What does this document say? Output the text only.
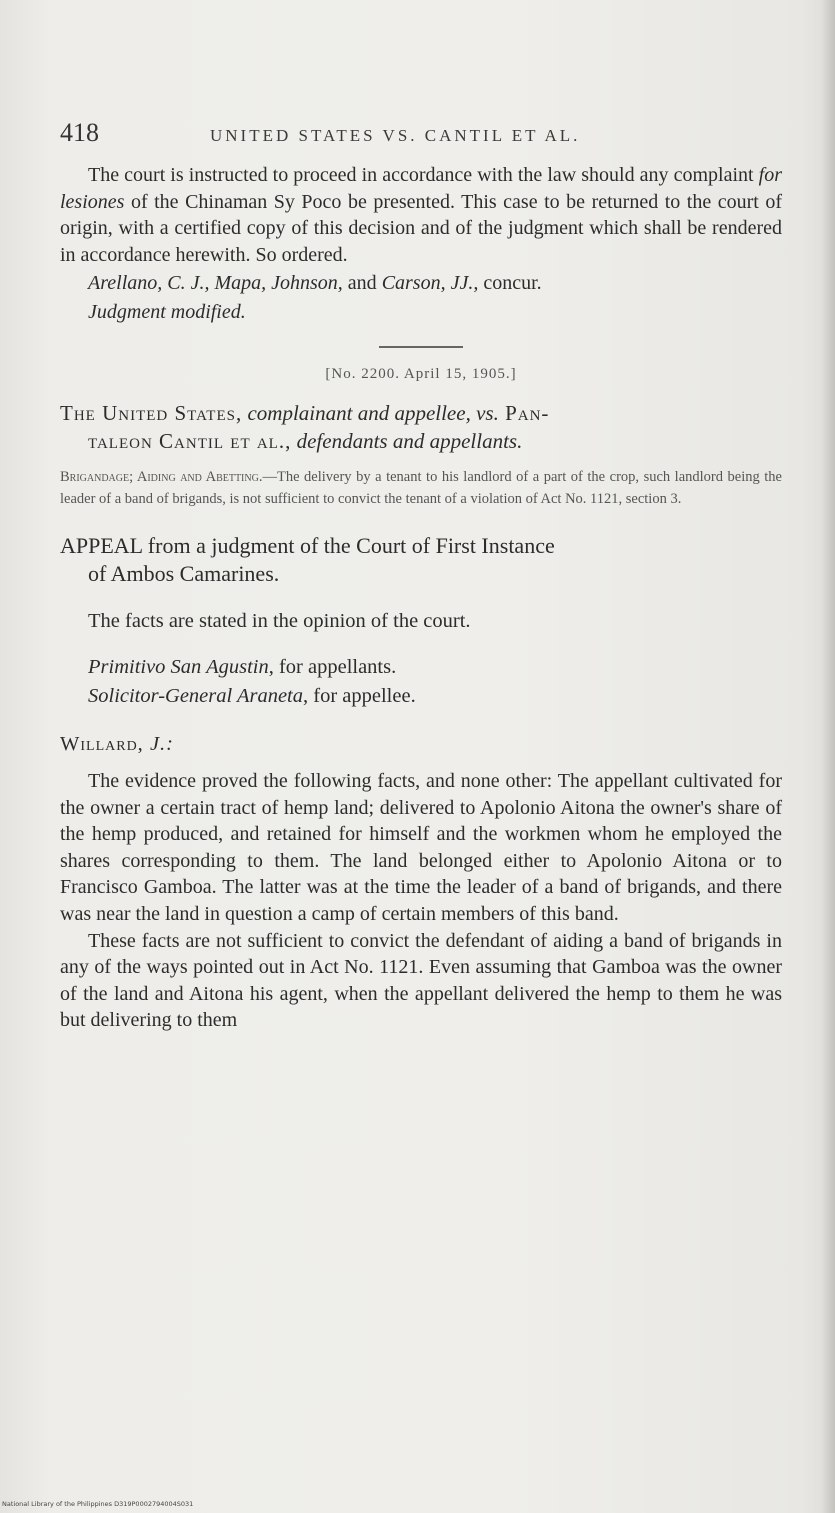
418	UNITED STATES VS. CANTIL ET AL.

The court is instructed to proceed in accordance with the law should any complaint for lesiones of the Chinaman Sy Poco be presented. This case to be returned to the court of origin, with a certified copy of this decision and of the judgment which shall be rendered in accordance herewith. So ordered.

Arellano, C. J., Mapa, Johnson, and Carson, JJ., concur.

Judgment modified.

[No. 2200. April 15, 1905.]

The United States, complainant and appellee, vs. Pan-
taleon Cantil et al., defendants and appellants.

Brigandage; Aiding and Abetting.—The delivery by a tenant to his landlord of a part of the crop, such landlord being the leader of a band of brigands, is not sufficient to convict the tenant of a violation of Act No. 1121, section 3.

APPEAL from a judgment of the Court of First Instance
of Ambos Camarines.

The facts are stated in the opinion of the court.

Primitivo San Agustin, for appellants.
Solicitor-General Araneta, for appellee.

Willard, J.:

The evidence proved the following facts, and none other: The appellant cultivated for the owner a certain tract of hemp land; delivered to Apolonio Aitona the owner's share of the hemp produced, and retained for himself and the workmen whom he employed the shares corresponding to them. The land belonged either to Apolonio Aitona or to Francisco Gamboa. The latter was at the time the leader of a band of brigands, and there was near the land in question a camp of certain members of this band.

These facts are not sufficient to convict the defendant of aiding a band of brigands in any of the ways pointed out in Act No. 1121. Even assuming that Gamboa was the owner of the land and Aitona his agent, when the appellant delivered the hemp to them he was but delivering to them

National Library of the Philippines D319P0002794004S031
